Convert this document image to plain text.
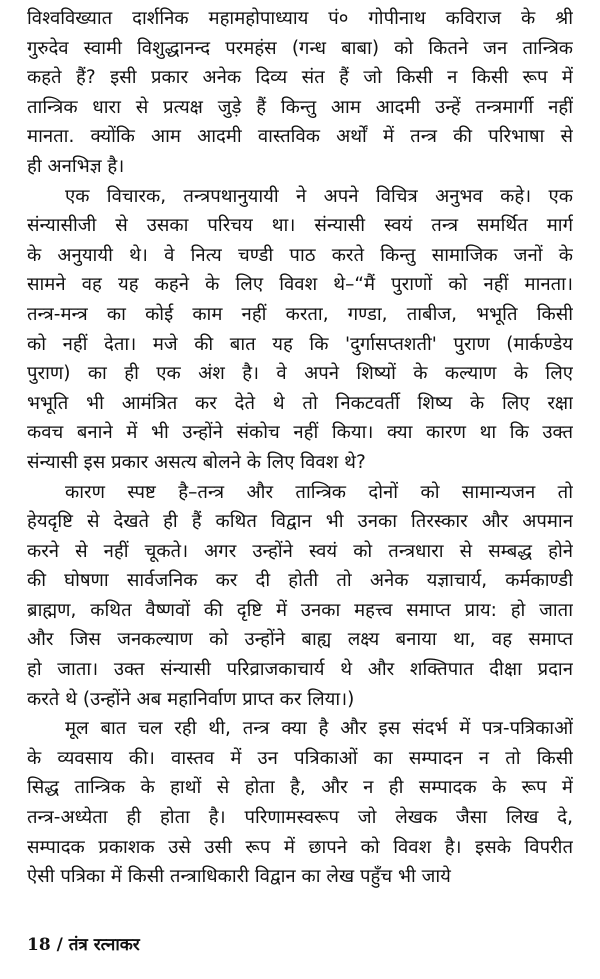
विश्वविख्यात दार्शनिक महामहोपाध्याय पं० गोपीनाथ कविराज के श्री
गुरुदेव स्वामी विशुद्धानन्द परमहंस (गन्ध बाबा) को कितने जन तान्त्रिक
कहते हैं? इसी प्रकार अनेक दिव्य संत हैं जो किसी न किसी रूप में
तान्त्रिक धारा से प्रत्यक्ष जुड़े हैं किन्तु आम आदमी उन्हें तन्त्रमार्गी नहीं
मानता. क्योंकि आम आदमी वास्तविक अर्थों में तन्त्र की परिभाषा से
ही अनभिज्ञ है।
एक विचारक, तन्त्रपथानुयायी ने अपने विचित्र अनुभव कहे। एक
संन्यासीजी से उसका परिचय था। संन्यासी स्वयं तन्त्र समर्थित मार्ग
के अनुयायी थे। वे नित्य चण्डी पाठ करते किन्तु सामाजिक जनों के
सामने वह यह कहने के लिए विवश थे–“मैं पुराणों को नहीं मानता।
तन्त्र-मन्त्र का कोई काम नहीं करता, गण्डा, ताबीज, भभूति किसी
को नहीं देता। मजे की बात यह कि 'दुर्गासप्तशती' पुराण (मार्कण्डेय
पुराण) का ही एक अंश है। वे अपने शिष्यों के कल्याण के लिए
भभूति भी आमंत्रित कर देते थे तो निकटवर्ती शिष्य के लिए रक्षा
कवच बनाने में भी उन्होंने संकोच नहीं किया। क्या कारण था कि उक्त
संन्यासी इस प्रकार असत्य बोलने के लिए विवश थे?
कारण स्पष्ट है–तन्त्र और तान्त्रिक दोनों को सामान्यजन तो
हेयदृष्टि से देखते ही हैं कथित विद्वान भी उनका तिरस्कार और अपमान
करने से नहीं चूकते। अगर उन्होंने स्वयं को तन्त्रधारा से सम्बद्ध होने
की घोषणा सार्वजनिक कर दी होती तो अनेक यज्ञाचार्य, कर्मकाण्डी
ब्राह्मण, कथित वैष्णवों की दृष्टि में उनका महत्त्व समाप्त प्राय: हो जाता
और जिस जनकल्याण को उन्होंने बाह्य लक्ष्य बनाया था, वह समाप्त
हो जाता। उक्त संन्यासी परिव्राजकाचार्य थे और शक्तिपात दीक्षा प्रदान
करते थे (उन्होंने अब महानिर्वाण प्राप्त कर लिया।)
मूल बात चल रही थी, तन्त्र क्या है और इस संदर्भ में पत्र-पत्रिकाओं
के व्यवसाय की। वास्तव में उन पत्रिकाओं का सम्पादन न तो किसी
सिद्ध तान्त्रिक के हाथों से होता है, और न ही सम्पादक के रूप में
तन्त्र-अध्येता ही होता है। परिणामस्वरूप जो लेखक जैसा लिख दे,
सम्पादक प्रकाशक उसे उसी रूप में छापने को विवश है। इसके विपरीत
ऐसी पत्रिका में किसी तन्त्राधिकारी विद्वान का लेख पहुँच भी जाये
18 / तंत्र रत्नाकर
